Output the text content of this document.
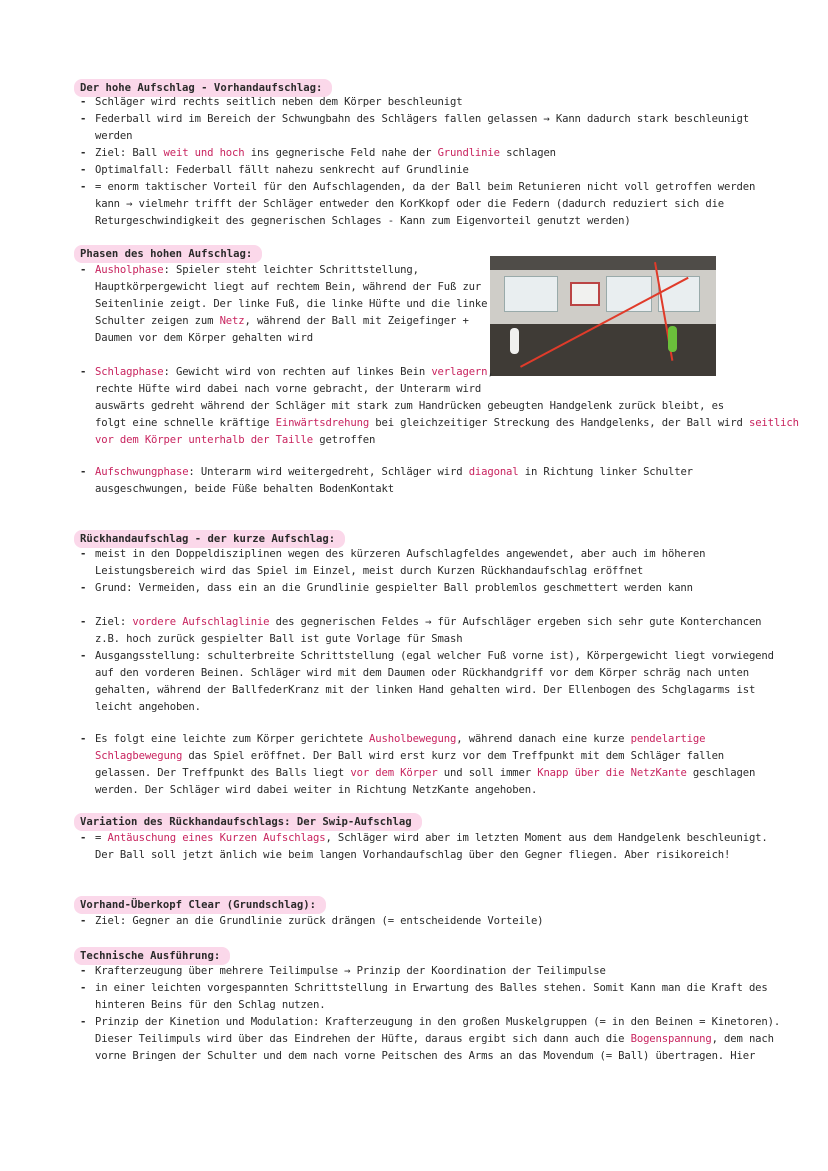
Der hohe Aufschlag - Vorhandaufschlag:
- Schläger wird rechts seitlich neben dem Körper beschleunigt
- Federball wird im Bereich der Schwungbahn des Schlägers fallen gelassen → Kann dadurch stark beschleunigt
werden
- Ziel: Ball weit und hoch ins gegnerische Feld nahe der Grundlinie schlagen
- Optimalfall: Federball fällt nahezu senkrecht auf Grundlinie
- = enorm taktischer Vorteil für den Aufschlagenden, da der Ball beim Retunieren nicht voll getroffen werden
kann → vielmehr trifft der Schläger entweder den KorKkopf oder die Federn (dadurch reduziert sich die
Returgeschwindigkeit des gegnerischen Schlages - Kann zum Eigenvorteil genutzt werden)
Phasen des hohen Aufschlag:
- Ausholphase: Spieler steht leichter Schrittstellung,
Hauptkörpergewicht liegt auf rechtem Bein, während der Fuß zur
Seitenlinie zeigt. Der linke Fuß, die linke Hüfte und die linke
Schulter zeigen zum Netz, während der Ball mit Zeigefinger +
Daumen vor dem Körper gehalten wird
- Schlagphase: Gewicht wird von rechten auf linkes Bein verlagern,
rechte Hüfte wird dabei nach vorne gebracht, der Unterarm wird
auswärts gedreht während der Schläger mit stark zum Handrücken gebeugten Handgelenk zurück bleibt, es
folgt eine schnelle kräftige Einwärtsdrehung bei gleichzeitiger Streckung des Handgelenks, der Ball wird seitlich
vor dem Körper unterhalb der Taille getroffen
- Aufschwungphase: Unterarm wird weitergedreht, Schläger wird diagonal in Richtung linker Schulter
ausgeschwungen, beide Füße behalten BodenKontakt
Rückhandaufschlag - der kurze Aufschlag:
- meist in den Doppeldisziplinen wegen des kürzeren Aufschlagfeldes angewendet, aber auch im höheren
Leistungsbereich wird das Spiel im Einzel, meist durch Kurzen Rückhandaufschlag eröffnet
- Grund: Vermeiden, dass ein an die Grundlinie gespielter Ball problemlos geschmettert werden kann
- Ziel: vordere Aufschlaglinie des gegnerischen Feldes → für Aufschläger ergeben sich sehr gute Konterchancen
z.B. hoch zurück gespielter Ball ist gute Vorlage für Smash
- Ausgangsstellung: schulterbreite Schrittstellung (egal welcher Fuß vorne ist), Körpergewicht liegt vorwiegend
auf den vorderen Beinen. Schläger wird mit dem Daumen oder Rückhandgriff vor dem Körper schräg nach unten
gehalten, während der BallfederKranz mit der linken Hand gehalten wird. Der Ellenbogen des Schglagarms ist
leicht angehoben.
- Es folgt eine leichte zum Körper gerichtete Ausholbewegung, während danach eine kurze pendelartige
Schlagbewegung das Spiel eröffnet. Der Ball wird erst kurz vor dem Treffpunkt mit dem Schläger fallen
gelassen. Der Treffpunkt des Balls liegt vor dem Körper und soll immer Knapp über die NetzKante geschlagen
werden. Der Schläger wird dabei weiter in Richtung NetzKante angehoben.
Variation des Rückhandaufschlags: Der Swip-Aufschlag
- = Antäuschung eines Kurzen Aufschlags, Schläger wird aber im letzten Moment aus dem Handgelenk beschleunigt.
Der Ball soll jetzt änlich wie beim langen Vorhandaufschlag über den Gegner fliegen. Aber risikoreich!
Vorhand-Überkopf Clear (Grundschlag):
- Ziel: Gegner an die Grundlinie zurück drängen (= entscheidende Vorteile)
Technische Ausführung:
- Krafterzeugung über mehrere Teilimpulse → Prinzip der Koordination der Teilimpulse
- in einer leichten vorgespannten Schrittstellung in Erwartung des Balles stehen. Somit Kann man die Kraft des
hinteren Beins für den Schlag nutzen.
- Prinzip der Kinetion und Modulation: Krafterzeugung in den großen Muskelgruppen (= in den Beinen = Kinetoren).
Dieser Teilimpuls wird über das Eindrehen der Hüfte, daraus ergibt sich dann auch die Bogenspannung, dem nach
vorne Bringen der Schulter und dem nach vorne Peitschen des Arms an das Movendum (= Ball) übertragen. Hier
